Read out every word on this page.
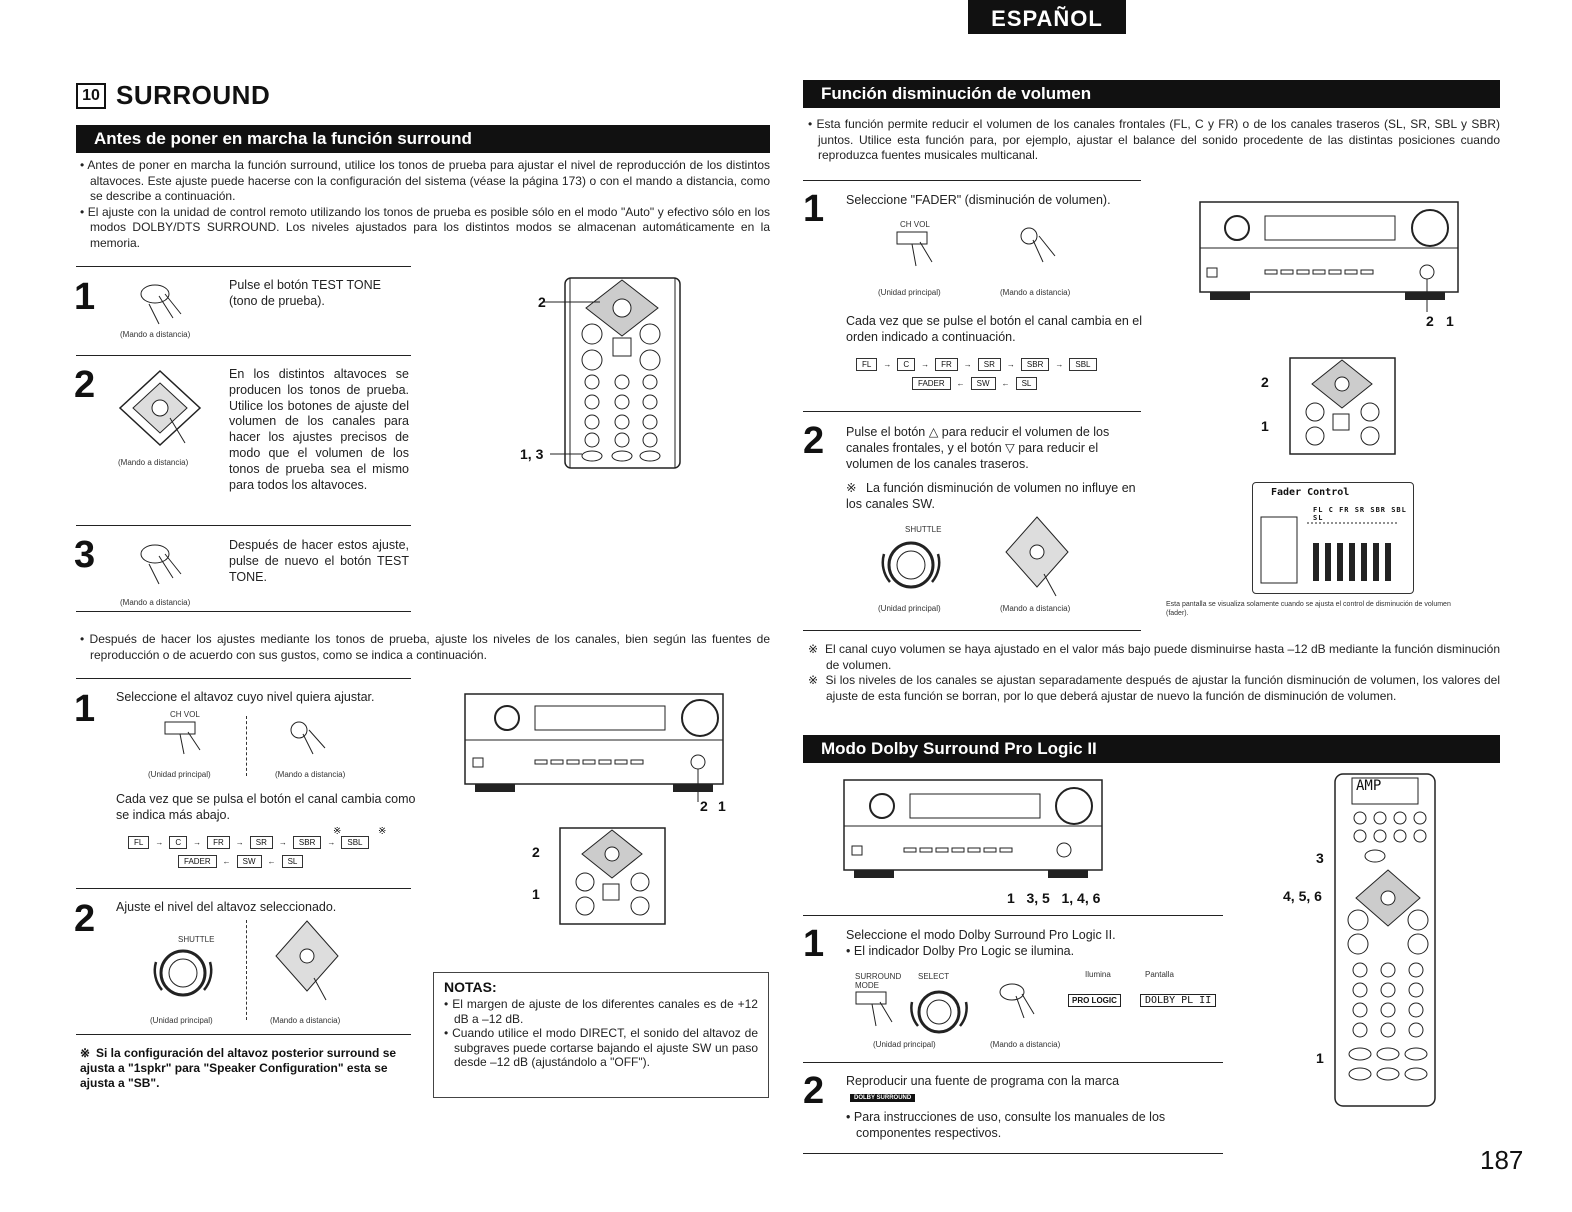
ESPAÑOL
10 SURROUND
Antes de poner en marcha la función surround

• Antes de poner en marcha la función surround, utilice los tonos de prueba para ajustar el nivel de reproducción de los distintos altavoces. Este ajuste puede hacerse con la configuración del sistema (véase la página 173) o con el mando a distancia, como se describe a continuación.

• El ajuste con la unidad de control remoto utilizando los tonos de prueba es posible sólo en el modo "Auto" y efectivo sólo en los modos DOLBY/DTS SURROUND. Los niveles ajustados para los distintos modos se almacenan automáticamente en la memoria.

1
(Mando a distancia)
Pulse el botón TEST TONE (tono de prueba).
2
(Mando a distancia)
En los distintos altavoces se producen los tonos de prueba. Utilice los botones de ajuste del volumen de los canales para hacer los ajustes precisos de modo que el volumen de los tonos de prueba sea el mismo para todos los altavoces.
3
(Mando a distancia)
Después de hacer estos ajuste, pulse de nuevo el botón TEST TONE.
2
1, 3

• Después de hacer los ajustes mediante los tonos de prueba, ajuste los niveles de los canales, bien según las fuentes de reproducción o de acuerdo con sus gustos, como se indica a continuación.

1 Seleccione el altavoz cuyo nivel quiera ajustar.
CH VOL
(Unidad principal)	(Mando a distancia)
Cada vez que se pulsa el botón el canal cambia como se indica más abajo.
FL	→	C	→	FR	→	SR	→	SBR	→	SBL
FADER	←	SW	←	SL
※	※
2 Ajuste el nivel del altavoz seleccionado.
SHUTTLE
(Unidad principal)	(Mando a distancia)
※ Si la configuración del altavoz posterior surround se ajusta a "1spkr" para "Speaker Configuration" esta se ajusta a "SB".
2 1
2
1
NOTAS:

• El margen de ajuste de los diferentes canales es de +12 dB a –12 dB.

• Cuando utilice el modo DIRECT, el sonido del altavoz de subgraves puede cortarse bajando el ajuste SW un paso desde –12 dB (ajustándolo a "OFF").

Función disminución de volumen

• Esta función permite reducir el volumen de los canales frontales (FL, C y FR) o de los canales traseros (SL, SR, SBL y SBR) juntos. Utilice esta función para, por ejemplo, ajustar el balance del sonido procedente de las distintas posiciones cuando reproduzca fuentes musicales multicanal.

1 Seleccione "FADER" (disminución de volumen).
CH VOL
(Unidad principal)	(Mando a distancia)
Cada vez que se pulse el botón el canal cambia en el orden indicado a continuación.
FL	→	C	→	FR	→	SR	→	SBR	→	SBL
FADER	←	SW	←	SL
2 Pulse el botón △ para reducir el volumen de los canales frontales, y el botón ▽ para reducir el volumen de los canales traseros.
※ La función disminución de volumen no influye en los canales SW.
SHUTTLE
(Unidad principal)	(Mando a distancia)
2 1
2
1
Fader Control
FL C FR SR SBR SBL SL
Esta pantalla se visualiza solamente cuando se ajusta el control de disminución de volumen (fader).

※  El canal cuyo volumen se haya ajustado en el valor más bajo puede disminuirse hasta –12 dB mediante la función disminución de volumen.

※  Si los niveles de los canales se ajustan separadamente después de ajustar la función disminución de volumen, los valores del ajuste de esta función se borran, por lo que deberá ajustar de nuevo la función de disminución de volumen.

Modo Dolby Surround Pro Logic II
1   3, 5   1, 4, 6
1 Seleccione el modo Dolby Surround Pro Logic II.
• El indicador Dolby Pro Logic se ilumina.
SURROUND MODE
SELECT	Ilumina	Pantalla
PRO LOGIC	DOLBY PL II
(Unidad principal)	(Mando a distancia)
2 Reproducir una fuente de programa con la marca
DOLBY SURROUND
• Para instrucciones de uso, consulte los manuales de los componentes respectivos.
AMP
3
4, 5, 6
1
187
